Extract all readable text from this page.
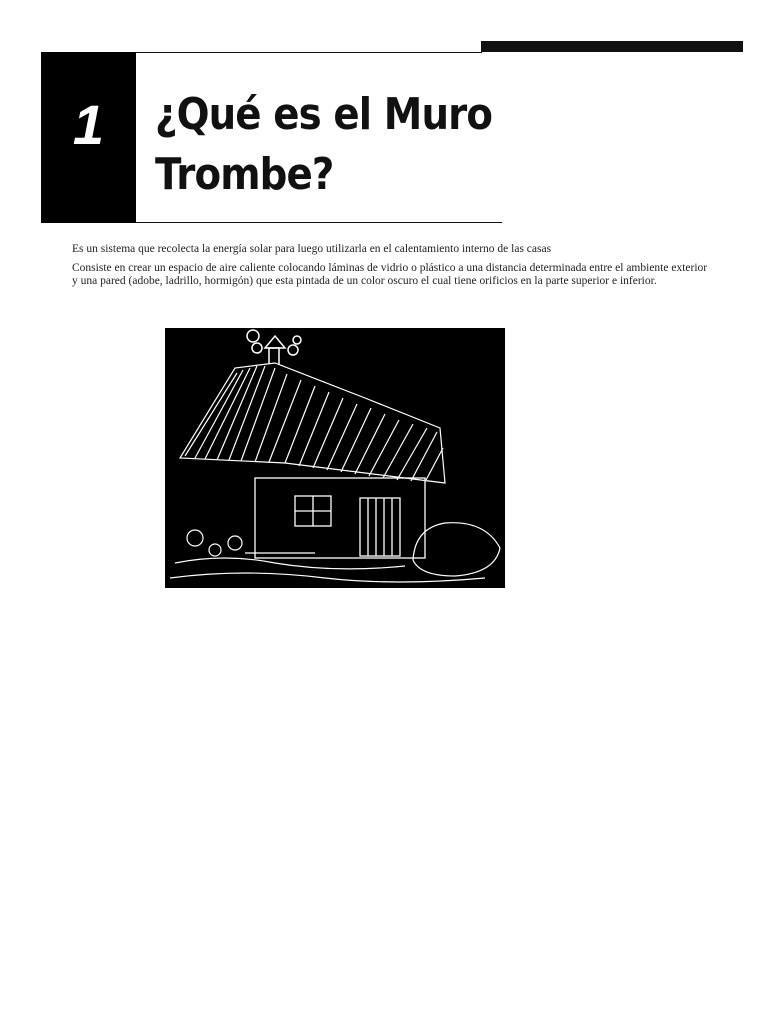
1	¿Qué es el Muro Trombe?

Es un sistema que recolecta la energía solar para luego utilizarla en el calentamiento interno de las casas

Consiste en crear un espacio de aire caliente colocando láminas de vidrio o plástico a una distancia determinada entre el ambiente exterior y una pared (adobe, ladrillo, hormigón) que esta pintada de un color oscuro el cual tiene orificios en la parte superior e inferior.
